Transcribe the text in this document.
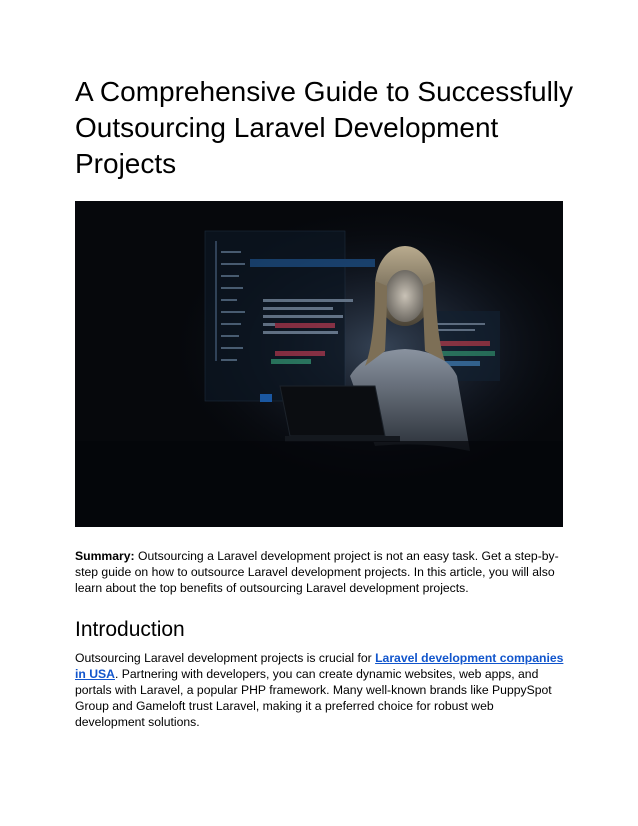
A Comprehensive Guide to Successfully Outsourcing Laravel Development Projects

Summary: Outsourcing a Laravel development project is not an easy task. Get a step-by-step guide on how to outsource Laravel development projects. In this article, you will also learn about the top benefits of outsourcing Laravel development projects.

Introduction

Outsourcing Laravel development projects is crucial for Laravel development companies in USA. Partnering with developers, you can create dynamic websites, web apps, and portals with Laravel, a popular PHP framework. Many well-known brands like PuppySpot Group and Gameloft trust Laravel, making it a preferred choice for robust web development solutions.
